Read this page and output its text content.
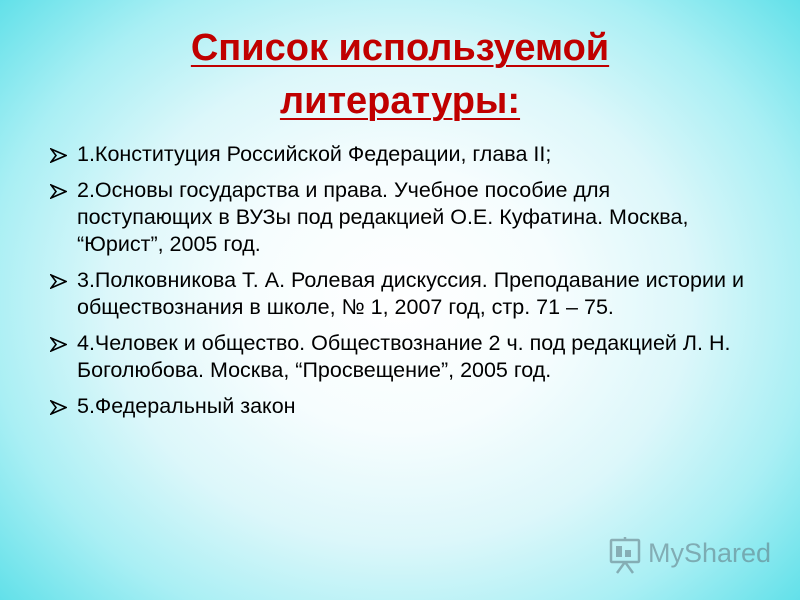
Список используемой
литературы:
1.Конституция Российской Федерации, глава II;
2.Основы государства и права. Учебное пособие для поступающих в ВУЗы под редакцией О.Е. Куфатина. Москва, “Юрист”, 2005 год.
3.Полковникова Т. А. Ролевая дискуссия. Преподавание истории и обществознания в школе, № 1, 2007 год, стр. 71 – 75.
4.Человек и общество. Обществознание 2 ч. под редакцией Л. Н. Боголюбова. Москва, “Просвещение”, 2005 год.
5.Федеральный закон
MyShared
